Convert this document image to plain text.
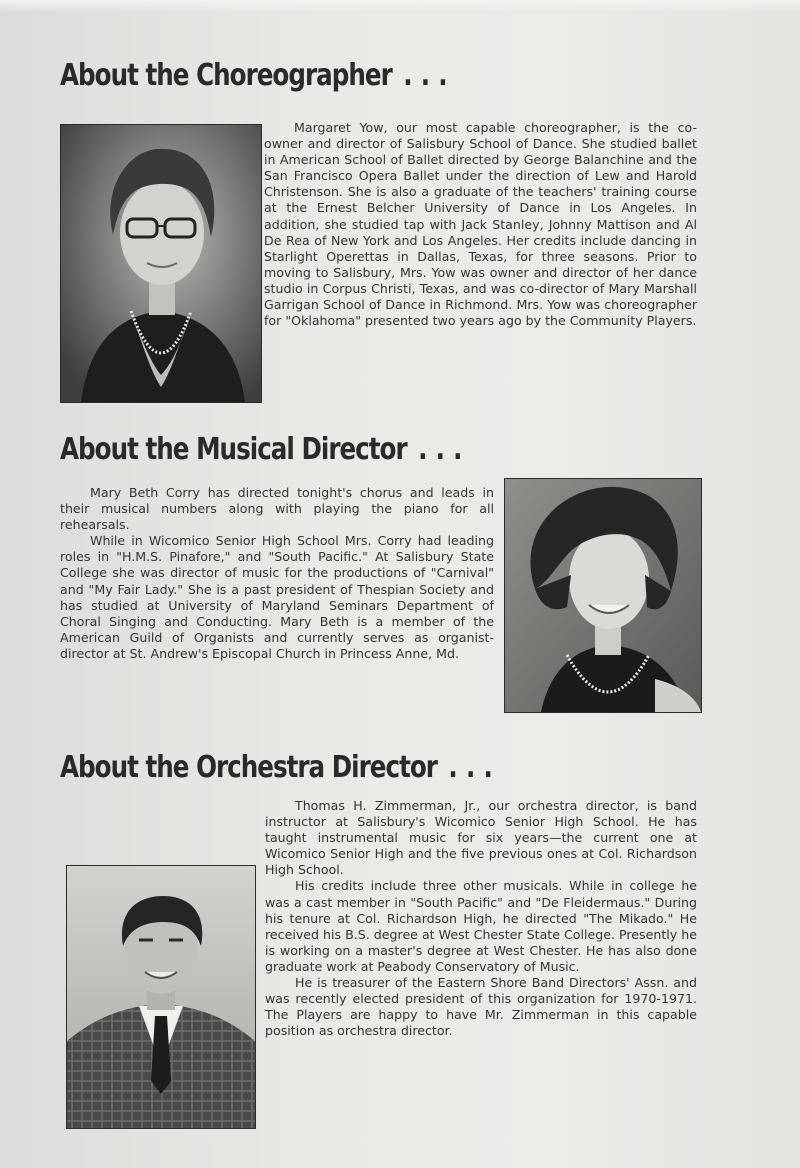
About the Choreographer ...

Margaret Yow, our most capable choreographer, is the co-owner and director of Salisbury School of Dance. She studied ballet in American School of Ballet directed by George Balanchine and the San Francisco Opera Ballet under the direction of Lew and Harold Christenson. She is also a graduate of the teachers' training course at the Ernest Belcher University of Dance in Los Angeles. In addition, she studied tap with Jack Stanley, Johnny Mattison and Al De Rea of New York and Los Angeles. Her credits include dancing in Starlight Operettas in Dallas, Texas, for three seasons. Prior to moving to Salisbury, Mrs. Yow was owner and director of her dance studio in Corpus Christi, Texas, and was co-director of Mary Marshall Garrigan School of Dance in Richmond. Mrs. Yow was choreographer for "Oklahoma" presented two years ago by the Community Players.

About the Musical Director ...

Mary Beth Corry has directed tonight's chorus and leads in their musical numbers along with playing the piano for all rehearsals.

While in Wicomico Senior High School Mrs. Corry had leading roles in "H.M.S. Pinafore," and "South Pacific." At Salisbury State College she was director of music for the productions of "Carnival" and "My Fair Lady." She is a past president of Thespian Society and has studied at University of Maryland Seminars Department of Choral Singing and Conducting. Mary Beth is a member of the American Guild of Organists and currently serves as organist-director at St. Andrew's Episcopal Church in Princess Anne, Md.

About the Orchestra Director ...

Thomas H. Zimmerman, Jr., our orchestra director, is band instructor at Salisbury's Wicomico Senior High School. He has taught instrumental music for six years—the current one at Wicomico Senior High and the five previous ones at Col. Richardson High School.

His credits include three other musicals. While in college he was a cast member in "South Pacific" and "De Fleidermaus." During his tenure at Col. Richardson High, he directed "The Mikado." He received his B.S. degree at West Chester State College. Presently he is working on a master's degree at West Chester. He has also done graduate work at Peabody Conservatory of Music.

He is treasurer of the Eastern Shore Band Directors' Assn. and was recently elected president of this organization for 1970-1971. The Players are happy to have Mr. Zimmerman in this capable position as orchestra director.
